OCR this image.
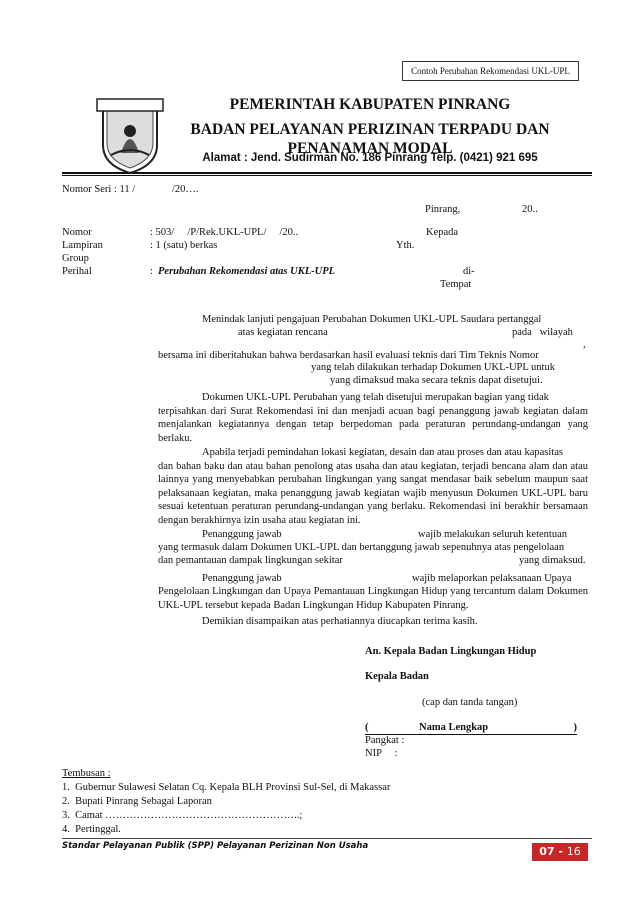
Contoh Perubahan Rekomendasi UKL-UPL
PEMERINTAH KABUPATEN PINRANG
BADAN PELAYANAN PERIZINAN TERPADU DAN
PENANAMAN MODAL
Alamat : Jend. Sudirman No. 186 Pinrang Telp. (0421) 921 695
Nomor Seri : 11 /	/20….
Pinrang,	20..
Nomor	: 503/     /P/Rek.UKL-UPL/     /20..
Lampiran	: 1 (satu) berkas
Group
Perihal	: Perubahan Rekomendasi atas UKL-UPL
Kepada
Yth.
di-
Tempat
Menindak lanjuti pengajuan Perubahan Dokumen UKL-UPL Saudara pertanggal
atas kegiatan rencana	pada   wilayah
,
bersama ini diberitahukan bahwa berdasarkan hasil evaluasi teknis dari Tim Teknis Nomor
yang telah dilakukan terhadap Dokumen UKL-UPL untuk
yang dimaksud maka secara teknis dapat disetujui.
Dokumen UKL-UPL Perubahan yang telah disetujui merupakan bagian yang tidak
terpisahkan dari Surat Rekomendasi ini dan menjadi acuan bagi penanggung jawab kegiatan dalam menjalankan kegiatannya dengan tetap berpedoman pada peraturan perundang-undangan yang berlaku.
Apabila terjadi pemindahan lokasi kegiatan, desain dan atau proses dan atau kapasitas
dan bahan baku dan atau bahan penolong atas usaha dan atau kegiatan, terjadi bencana alam dan atau lainnya yang menyebabkan perubahan lingkungan yang sangat mendasar baik sebelum maupun saat pelaksanaan kegiatan, maka penanggung jawab kegiatan wajib menyusun Dokumen UKL-UPL baru sesuai ketentuan peraturan perundang-undangan yang berlaku. Rekomendasi ini berakhir bersamaan dengan berakhirnya izin usaha atau kegiatan ini.
Penanggung jawab	wajib melakukan seluruh ketentuan
yang termasuk dalam Dokumen UKL-UPL dan bertanggung jawab sepenuhnya atas pengelolaan
dan pemantauan dampak lingkungan sekitar	yang dimaksud.
Penanggung jawab	wajib melaporkan pelaksanaan Upaya
Pengelolaan Lingkungan dan Upaya Pemantauan Lingkungan Hidup yang tercantum dalam Dokumen UKL-UPL tersebut kepada Badan Lingkungan Hidup Kabupaten Pinrang.
Demikian disampaikan atas perhatiannya diucapkan terima kasih.
An. Kepala Badan Lingkungan Hidup
Kepala Badan
(cap dan tanda tangan)
(	Nama Lengkap	)
Pangkat :
NIP     :
Tembusan :
1.  Gubernur Sulawesi Selatan Cq. Kepala BLH Provinsi Sul-Sel, di Makassar
2.  Bupati Pinrang Sebagai Laporan
3.  Camat ………………………………………………..;
4.  Pertinggal.
Standar Pelayanan Publik (SPP) Pelayanan Perizinan Non Usaha	07 - 16
